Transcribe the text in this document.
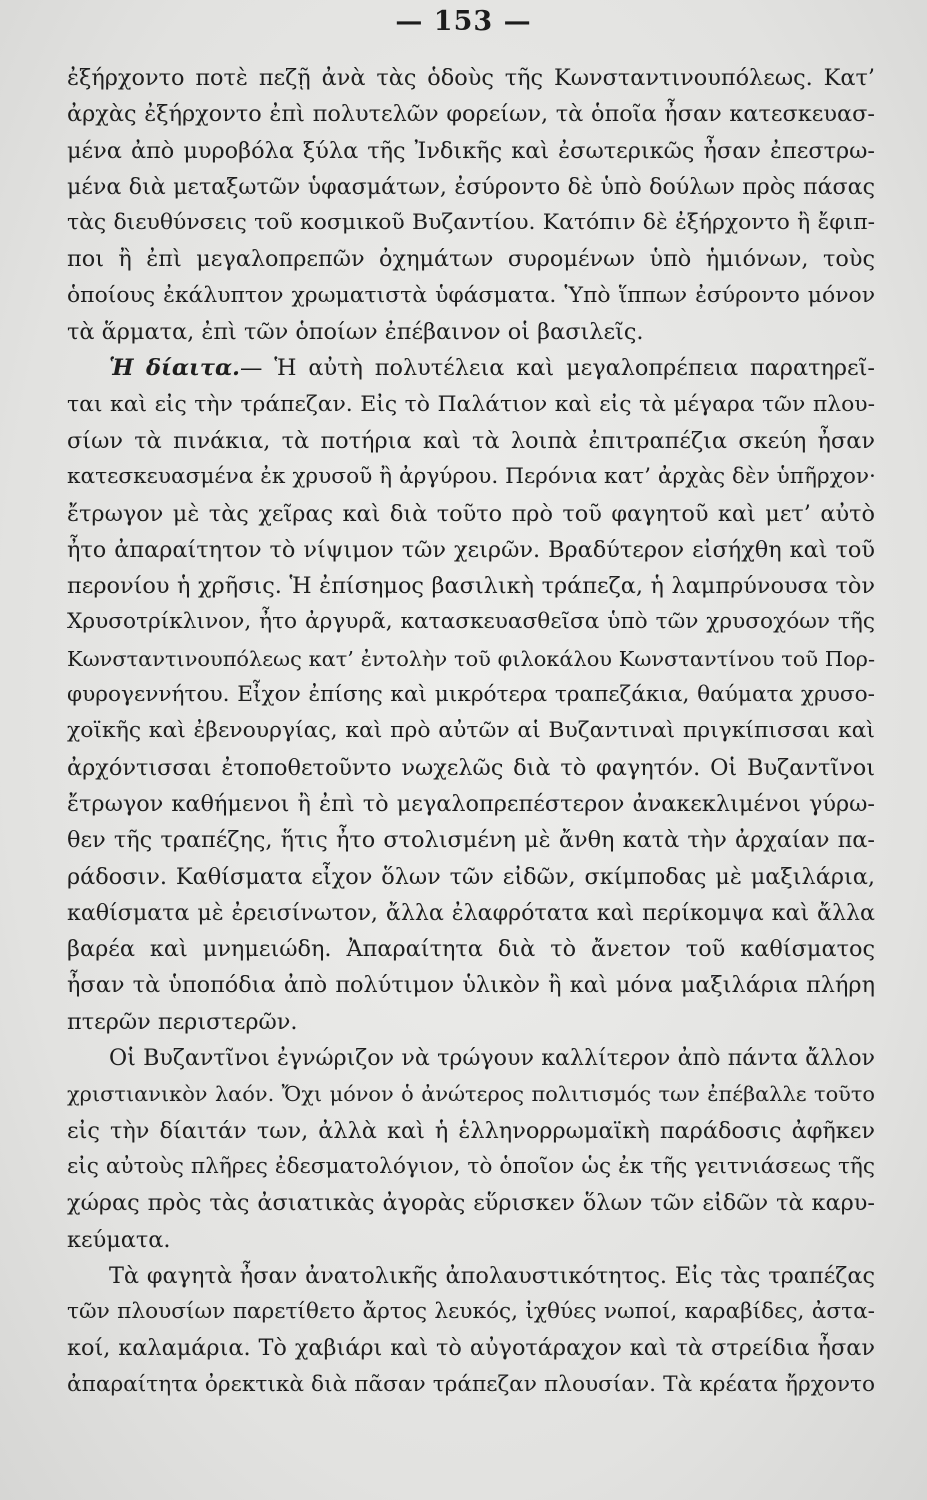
— 153 —
ἐξήρχοντο ποτὲ πεζῇ ἀνὰ τὰς ὁδοὺς τῆς Κωνσταντινουπόλεως. Κατ’
ἀρχὰς ἐξήρχοντο ἐπὶ πολυτελῶν φορείων, τὰ ὁποῖα ἦσαν κατεσκευασ-
μένα ἀπὸ μυροβόλα ξύλα τῆς Ἰνδικῆς καὶ ἐσωτερικῶς ἦσαν ἐπεστρω-
μένα διὰ μεταξωτῶν ὑφασμάτων, ἐσύροντο δὲ ὑπὸ δούλων πρὸς πάσας
τὰς διευθύνσεις τοῦ κοσμικοῦ Βυζαντίου. Κατόπιν δὲ ἐξήρχοντο ἢ ἔφιπ-
ποι ἢ ἐπὶ μεγαλοπρεπῶν ὀχημάτων συρομένων ὑπὸ ἡμιόνων, τοὺς
ὁποίους ἐκάλυπτον χρωματιστὰ ὑφάσματα. Ὑπὸ ἵππων ἐσύροντο μόνον
τὰ ἅρματα, ἐπὶ τῶν ὁποίων ἐπέβαινον οἱ βασιλεῖς.
Ἡ δίαιτα.— Ἡ αὐτὴ πολυτέλεια καὶ μεγαλοπρέπεια παρατηρεῖ-
ται καὶ εἰς τὴν τράπεζαν. Εἰς τὸ Παλάτιον καὶ εἰς τὰ μέγαρα τῶν πλου-
σίων τὰ πινάκια, τὰ ποτήρια καὶ τὰ λοιπὰ ἐπιτραπέζια σκεύη ἦσαν
κατεσκευασμένα ἐκ χρυσοῦ ἢ ἀργύρου. Περόνια κατ’ ἀρχὰς δὲν ὑπῆρχον·
ἔτρωγον μὲ τὰς χεῖρας καὶ διὰ τοῦτο πρὸ τοῦ φαγητοῦ καὶ μετ’ αὐτὸ
ἦτο ἀπαραίτητον τὸ νίψιμον τῶν χειρῶν. Βραδύτερον εἰσήχθη καὶ τοῦ
περονίου ἡ χρῆσις. Ἡ ἐπίσημος βασιλικὴ τράπεζα, ἡ λαμπρύνουσα τὸν
Χρυσοτρίκλινον, ἦτο ἀργυρᾶ, κατασκευασθεῖσα ὑπὸ τῶν χρυσοχόων τῆς
Κωνσταντινουπόλεως κατ’ ἐντολὴν τοῦ φιλοκάλου Κωνσταντίνου τοῦ Πορ-
φυρογεννήτου. Εἶχον ἐπίσης καὶ μικρότερα τραπεζάκια, θαύματα χρυσο-
χοϊκῆς καὶ ἐβενουργίας, καὶ πρὸ αὐτῶν αἱ Βυζαντιναὶ πριγκίπισσαι καὶ
ἀρχόντισσαι ἐτοποθετοῦντο νωχελῶς διὰ τὸ φαγητόν. Οἱ Βυζαντῖνοι
ἔτρωγον καθήμενοι ἢ ἐπὶ τὸ μεγαλοπρεπέστερον ἀνακεκλιμένοι γύρω-
θεν τῆς τραπέζης, ἥτις ἦτο στολισμένη μὲ ἄνθη κατὰ τὴν ἀρχαίαν πα-
ράδοσιν. Καθίσματα εἶχον ὅλων τῶν εἰδῶν, σκίμποδας μὲ μαξιλάρια,
καθίσματα μὲ ἐρεισίνωτον, ἄλλα ἐλαφρότατα καὶ περίκομψα καὶ ἄλλα
βαρέα καὶ μνημειώδη. Ἀπαραίτητα διὰ τὸ ἄνετον τοῦ καθίσματος
ἦσαν τὰ ὑποπόδια ἀπὸ πολύτιμον ὑλικὸν ἢ καὶ μόνα μαξιλάρια πλήρη
πτερῶν περιστερῶν.
Οἱ Βυζαντῖνοι ἐγνώριζον νὰ τρώγουν καλλίτερον ἀπὸ πάντα ἄλλον
χριστιανικὸν λαόν. Ὄχι μόνον ὁ ἀνώτερος πολιτισμός των ἐπέβαλλε τοῦτο
εἰς τὴν δίαιτάν των, ἀλλὰ καὶ ἡ ἑλληνορρωμαϊκὴ παράδοσις ἀφῆκεν
εἰς αὐτοὺς πλῆρες ἐδεσματολόγιον, τὸ ὁποῖον ὡς ἐκ τῆς γειτνιάσεως τῆς
χώρας πρὸς τὰς ἀσιατικὰς ἀγορὰς εὕρισκεν ὅλων τῶν εἰδῶν τὰ καρυ-
κεύματα.
Τὰ φαγητὰ ἦσαν ἀνατολικῆς ἀπολαυστικότητος. Εἰς τὰς τραπέζας
τῶν πλουσίων παρετίθετο ἄρτος λευκός, ἰχθύες νωποί, καραβίδες, ἀστα-
κοί, καλαμάρια. Τὸ χαβιάρι καὶ τὸ αὐγοτάραχον καὶ τὰ στρείδια ἦσαν
ἀπαραίτητα ὀρεκτικὰ διὰ πᾶσαν τράπεζαν πλουσίαν. Τὰ κρέατα ἤρχοντο
